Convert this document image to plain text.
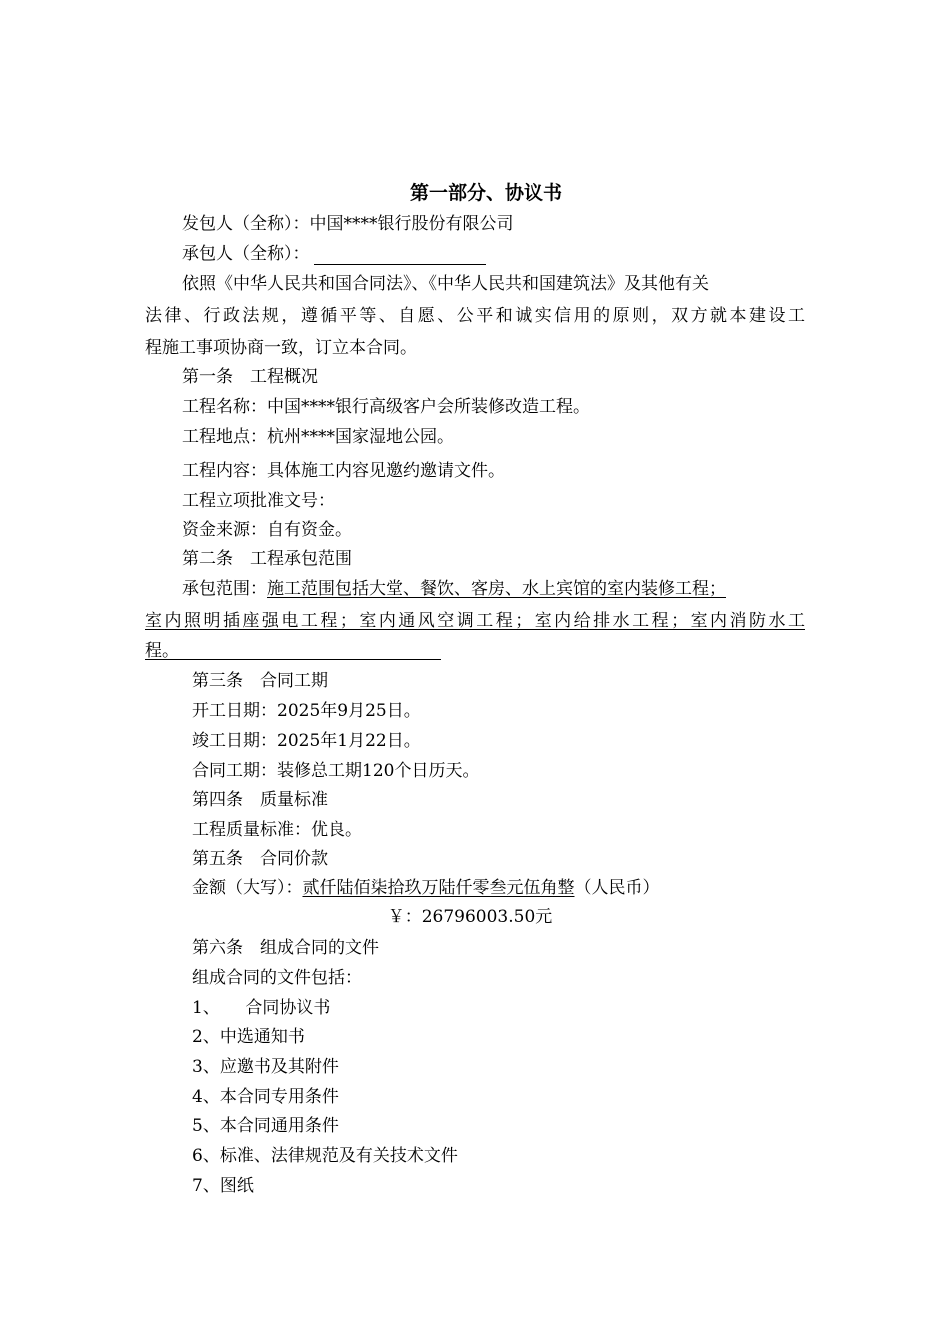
第一部分、协议书
发包人（全称）：中国****银行股份有限公司
承包人（全称）：
依照《中华人民共和国合同法》、《中华人民共和国建筑法》及其他有关
法律、行政法规，遵循平等、自愿、公平和诚实信用的原则，双方就本建设工
程施工事项协商一致，订立本合同。
第一条　工程概况
工程名称：中国****银行高级客户会所装修改造工程。
工程地点：杭州****国家湿地公园。
工程内容：具体施工内容见邀约邀请文件。
工程立项批准文号：
资金来源：自有资金。
第二条　工程承包范围
承包范围：施工范围包括大堂、餐饮、客房、水上宾馆的室内装修工程；
室内照明插座强电工程；室内通风空调工程；室内给排水工程；室内消防水工
程。
第三条　合同工期
开工日期：2025年9月25日。
竣工日期：2025年1月22日。
合同工期：装修总工期120个日历天。
第四条　质量标准
工程质量标准：优良。
第五条　合同价款
金额（大写）：贰仟陆佰柒拾玖万陆仟零叁元伍角整（人民币）
￥：26796003.50元
第六条　组成合同的文件
组成合同的文件包括：
1、　　合同协议书
2、中选通知书
3、应邀书及其附件
4、本合同专用条件
5、本合同通用条件
6、标准、法律规范及有关技术文件
7、图纸
